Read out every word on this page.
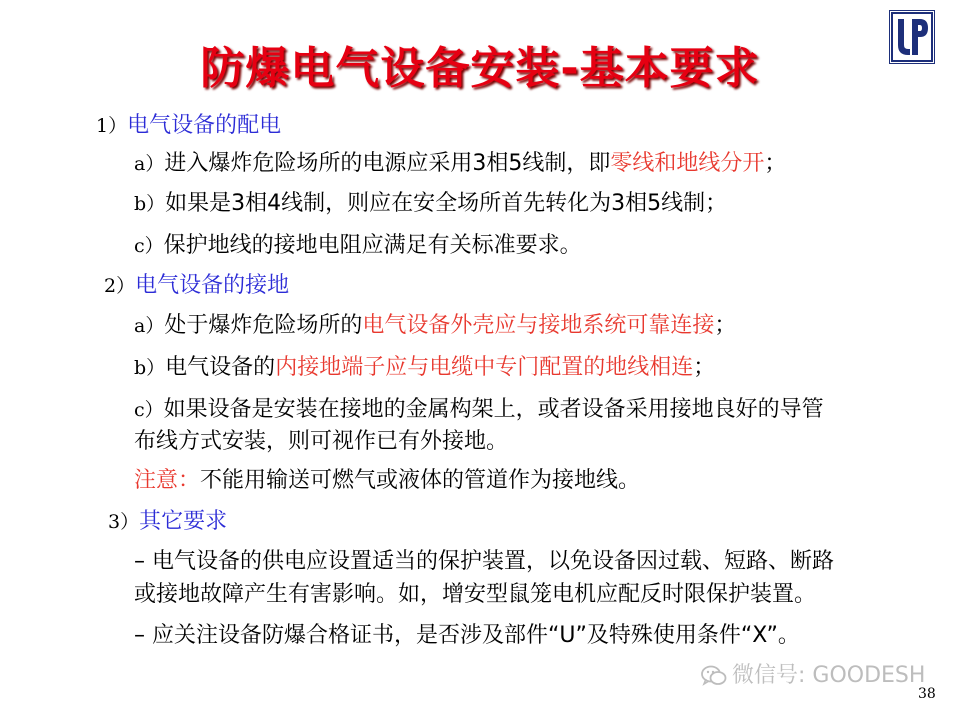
防爆电气设备安装-基本要求
1）电气设备的配电
a）进入爆炸危险场所的电源应采用3相5线制，即零线和地线分开；
b）如果是3相4线制，则应在安全场所首先转化为3相5线制；
c）保护地线的接地电阻应满足有关标准要求。
2）电气设备的接地
a）处于爆炸危险场所的电气设备外壳应与接地系统可靠连接；
b）电气设备的内接地端子应与电缆中专门配置的地线相连；
c）如果设备是安装在接地的金属构架上，或者设备采用接地良好的导管
布线方式安装，则可视作已有外接地。
注意：不能用输送可燃气或液体的管道作为接地线。
3）其它要求
– 电气设备的供电应设置适当的保护装置，以免设备因过载、短路、断路
或接地故障产生有害影响。如，增安型鼠笼电机应配反时限保护装置。
– 应关注设备防爆合格证书，是否涉及部件“U”及特殊使用条件“X”。
微信号: GOODESH
38
